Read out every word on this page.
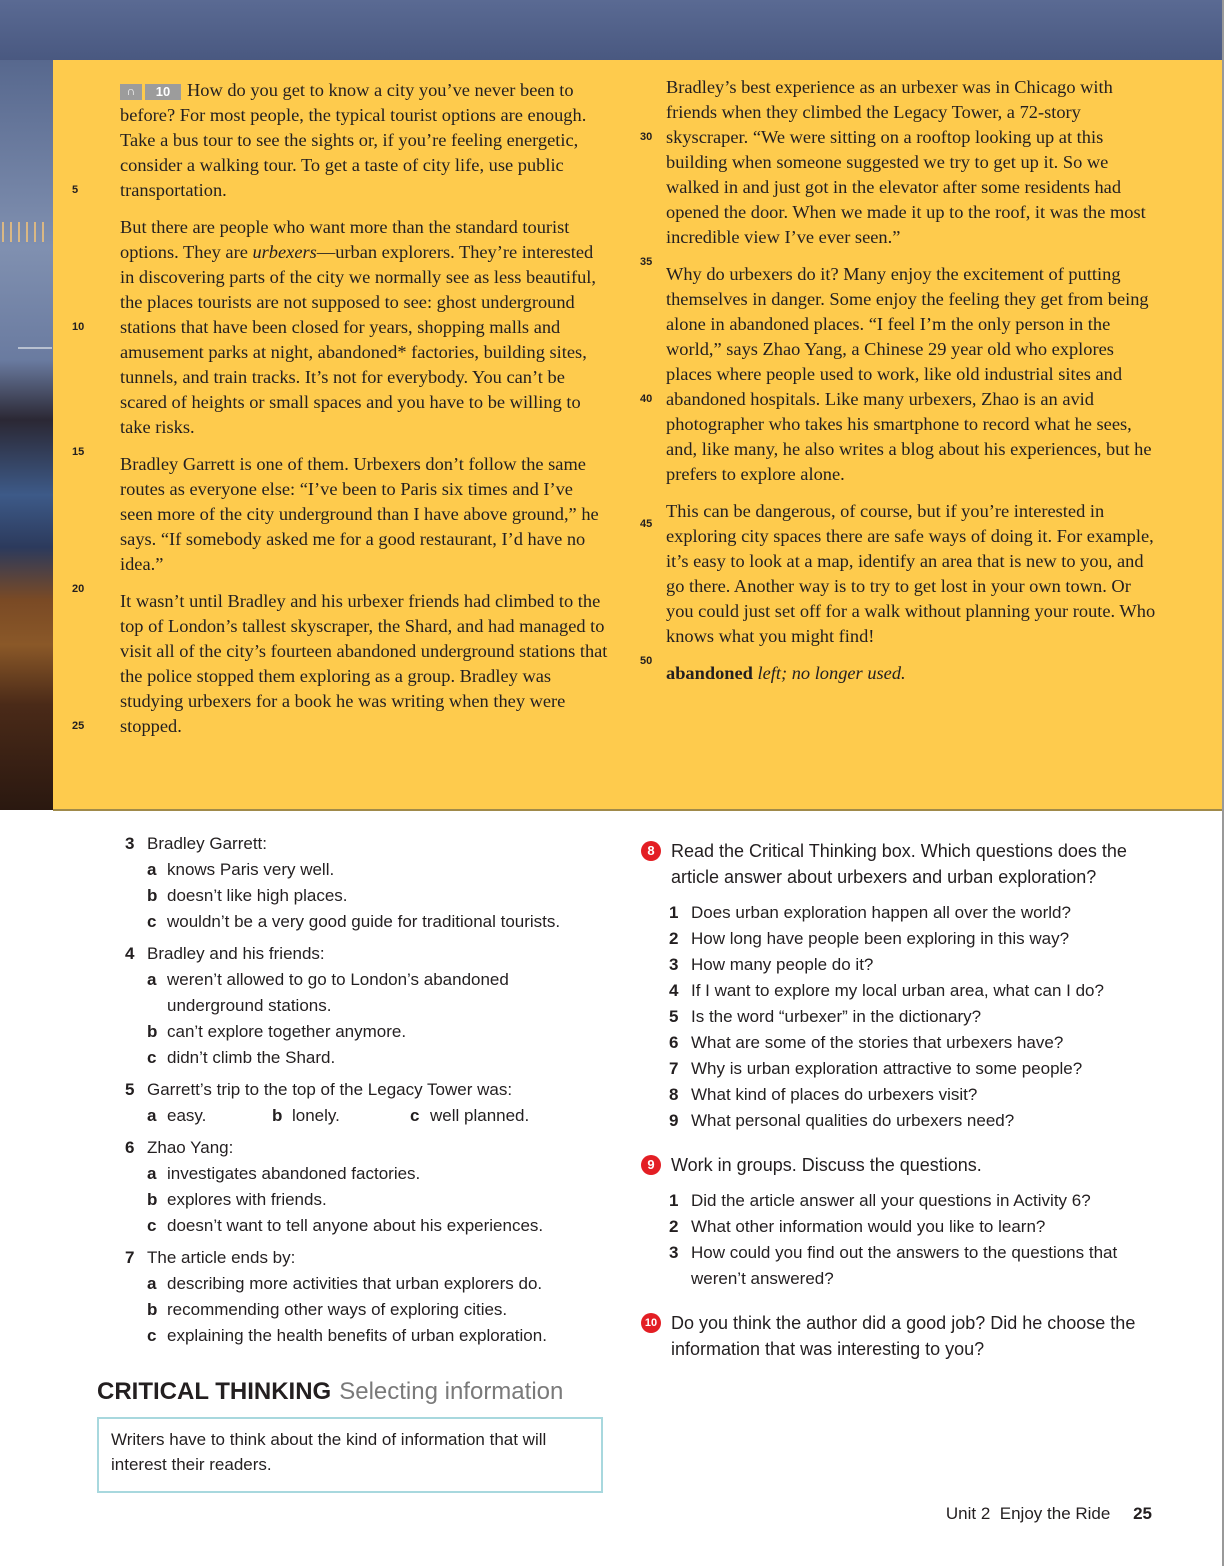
5
10
15
20
25
30
35
40
45
50

∩	10 How do you get to know a city you’ve never been to before? For most people, the typical tourist options are enough. Take a bus tour to see the sights or, if you’re feeling energetic, consider a walking tour. To get a taste of city life, use public transportation.

But there are people who want more than the standard tourist options. They are urbexers—urban explorers. They’re interested in discovering parts of the city we normally see as less beautiful, the places tourists are not supposed to see: ghost underground stations that have been closed for years, shopping malls and amusement parks at night, abandoned* factories, building sites, tunnels, and train tracks. It’s not for everybody. You can’t be scared of heights or small spaces and you have to be willing to take risks.

Bradley Garrett is one of them. Urbexers don’t follow the same routes as everyone else: “I’ve been to Paris six times and I’ve seen more of the city underground than I have above ground,” he says. “If somebody asked me for a good restaurant, I’d have no idea.”

It wasn’t until Bradley and his urbexer friends had climbed to the top of London’s tallest skyscraper, the Shard, and had managed to visit all of the city’s fourteen abandoned underground stations that the police stopped them exploring as a group. Bradley was studying urbexers for a book he was writing when they were stopped.

Bradley’s best experience as an urbexer was in Chicago with friends when they climbed the Legacy Tower, a 72-story skyscraper. “We were sitting on a rooftop looking up at this building when someone suggested we try to get up it. So we walked in and just got in the elevator after some residents had opened the door. When we made it up to the roof, it was the most incredible view I’ve ever seen.”

Why do urbexers do it? Many enjoy the excitement of putting themselves in danger. Some enjoy the feeling they get from being alone in abandoned places. “I feel I’m the only person in the world,” says Zhao Yang, a Chinese 29 year old who explores places where people used to work, like old industrial sites and abandoned hospitals. Like many urbexers, Zhao is an avid photographer who takes his smartphone to record what he sees, and, like many, he also writes a blog about his experiences, but he prefers to explore alone.

This can be dangerous, of course, but if you’re interested in exploring city spaces there are safe ways of doing it. For example, it’s easy to look at a map, identify an area that is new to you, and go there. Another way is to try to get lost in your own town. Or you could just set off for a walk without planning your route. Who knows what you might find!

abandoned left; no longer used.

3 Bradley Garrett:
a knows Paris very well.
b doesn’t like high places.
c wouldn’t be a very good guide for traditional tourists.
4 Bradley and his friends:
a weren’t allowed to go to London’s abandoned underground stations.
b can’t explore together anymore.
c didn’t climb the Shard.
5 Garrett’s trip to the top of the Legacy Tower was:
a easy.	b lonely.	c well planned.
6 Zhao Yang:
a investigates abandoned factories.
b explores with friends.
c doesn’t want to tell anyone about his experiences.
7 The article ends by:
a describing more activities that urban explorers do.
b recommending other ways of exploring cities.
c explaining the health benefits of urban exploration.
CRITICAL THINKING Selecting information
Writers have to think about the kind of information that will interest their readers.
8 Read the Critical Thinking box. Which questions does the article answer about urbexers and urban exploration?
1 Does urban exploration happen all over the world?
2 How long have people been exploring in this way?
3 How many people do it?
4 If I want to explore my local urban area, what can I do?
5 Is the word “urbexer” in the dictionary?
6 What are some of the stories that urbexers have?
7 Why is urban exploration attractive to some people?
8 What kind of places do urbexers visit?
9 What personal qualities do urbexers need?
9 Work in groups. Discuss the questions.
1 Did the article answer all your questions in Activity 6?
2 What other information would you like to learn?
3 How could you find out the answers to the questions that weren’t answered?
10 Do you think the author did a good job? Did he choose the information that was interesting to you?
Unit 2 Enjoy the Ride 25
